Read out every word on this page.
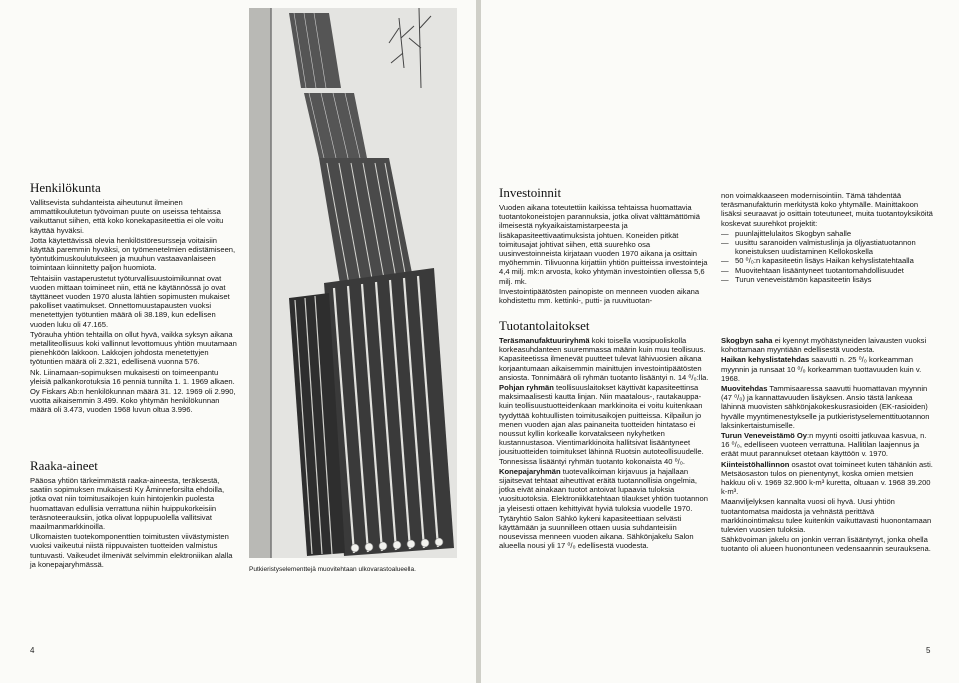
Henkilökunta

Vallitsevista suhdanteista aiheutunut ilmeinen ammattikoulutetun työvoiman puute on useissa tehtaissa vaikuttanut siihen, että koko konekapasiteettia ei ole voitu käyttää hyväksi.

Jotta käytettävissä olevia henkilöstöresursseja voitaisiin käyttää paremmin hyväksi, on työmenetelmien edistämiseen, työntutkimuskoulutukseen ja muuhun vastaavanlaiseen toimintaan kiinnitetty paljon huomiota.

Tehtaisiin vastaperustetut työturvallisuustoimikunnat ovat vuoden mittaan toimineet niin, että ne käytännössä jo ovat täyttäneet vuoden 1970 alusta lähtien sopimusten mukaiset pakolliset vaatimukset. Onnettomuustapausten vuoksi menetettyjen työtuntien määrä oli 38.189, kun edellisen vuoden luku oli 47.165.

Työrauha yhtiön tehtailla on ollut hyvä, vaikka syksyn aikana metalliteollisuus koki vallinnut levottomuus yhtiön muutamaan pienehköön lakkoon. Lakkojen johdosta menetettyjen työtuntien määrä oli 2.321, edellisenä vuonna 576.

Nk. Liinamaan-sopimuksen mukaisesti on toimeenpantu yleisiä palkankorotuksia 16 penniä tunnilta 1. 1. 1969 alkaen.

Oy Fiskars Ab:n henkilökunnan määrä 31. 12. 1969 oli 2.990, vuotta aikaisemmin 3.499. Koko yhtymän henkilökunnan määrä oli 3.473, vuoden 1968 luvun oltua 3.996.

Raaka-aineet

Pääosa yhtiön tärkeimmästä raaka-aineesta, teräksestä, saatiin sopimuksen mukaisesti Ky Åminneforsilta ehdoilla, jotka ovat niin toimitusaikojen kuin hintojenkin puolesta huomattavan edullisia verrattuna niihin huippukorkeisiin teräsnoteerauksiin, jotka olivat loppupuolella vallitsivat maailmanmarkkinoilla.

Ulkomaisten tuotekomponenttien toimitusten viivästymisten vuoksi vaikeutui niistä riippuvaisten tuotteiden valmistus tuntuvasti. Vaikeudet ilmenivät selvimmin elektroniikan alalla ja konepajaryhmässä.

Putkieristyselementtejä muovitehtaan ulkovarastoalueella.
4
Investoinnit

Vuoden aikana toteutettiin kaikissa tehtaissa huomattavia tuotantokoneistojen parannuksia, jotka olivat välttämättömiä ilmeisestä nykyaikaistamistarpeesta ja lisäkapasiteettivaatimuksista johtuen. Koneiden pitkät toimitusajat johtivat siihen, että suurehko osa uusinvestoinneista kirjataan vuoden 1970 aikana ja osittain myöhemmin. Tilivuonna kirjattiin yhtiön puitteissa investointeja 4,4 milj. mk:n arvosta, koko yhtymän investointien ollessa 5,6 milj. mk.

Investointipäätösten painopiste on menneen vuoden aikana kohdistettu mm. kettinki-, putti- ja ruuvituotan-

non voimakkaaseen modernisointiin. Tämä tähdentää teräsmanufakturin merkitystä koko yhtymälle. Mainittakoon lisäksi seuraavat jo osittain toteutuneet, muita tuotantoyksiköitä koskevat suurehkot projektit:

— puunlajittelulaitos Skogbyn sahalle
— uusittu saranoiden valmistuslinja ja öljyastiatuotannon koneistuksen uudistaminen Kellokoskella
— 50 ⁰/₀:n kapasiteetin lisäys Haikan kehyslistatehtaalla
— Muovitehtaan lisääntyneet tuotantomahdollisuudet
— Turun veneveistämön kapasiteetin lisäys
Tuotantolaitokset

Teräsmanufaktuuriryhmä koki toisella vuosipuoliskolla korkeasuhdanteen suuremmassa määrin kuin muu teollisuus. Kapasiteetissa ilmenevät puutteet tulevat lähivuosien aikana korjaantumaan aikaisemmin mainittujen investointipäätösten ansiosta. Tonnimäärä oli ryhmän tuotanto lisääntyi n. 14 ⁰/₀:lla.

Pohjan ryhmän teollisuuslaitokset käyttivät kapasiteettinsa maksimaalisesti kautta linjan. Niin maatalous-, rautakauppa- kuin teollisuustuotteidenkaan markkinoita ei voitu kuitenkaan tyydyttää kohtuullisten toimitusaikojen puitteissa. Kilpailun jo menen vuoden ajan alas painaneita tuotteiden hintataso ei noussut kyllin korkealle korvatakseen nykyhetken kustannustasoa. Vientimarkkinoita hallitsivat lisääntyneet jousituotteiden toimitukset lähinnä Ruotsin autoteollisuudelle. Tonnesissa lisääntyi ryhmän tuotanto kokonaista 40 ⁰/₀.

Konepajaryhmän tuotevalikoiman kirjavuus ja hajallaan sijaitsevat tehtaat aiheuttivat eräitä tuotannollisia ongelmia, jotka eivät ainakaan tuotot antoivat lupaavia tuloksia vuosituotoksia. Elektroniikkatehtaan tilaukset yhtiön tuotannon ja yleisesti ottaen kehittyivät hyviä tuloksia vuodelle 1970.

Tytäryhtiö Salon Sähkö kykeni kapasiteettiaan selvästi käyttämään ja suunnilleen ottaen uusia suhdanteisiin nousevissa menneen vuoden aikana. Sähkönjakelu Salon alueella nousi yli 17 ⁰/₀ edellisestä vuodesta.

Skogbyn saha ei kyennyt myöhästyneiden laivausten vuoksi kohottamaan myyntiään edellisestä vuodesta.

Haikan kehyslistatehdas saavutti n. 25 ⁰/₀ korkeamman myynnin ja runsaat 10 ⁰/₀ korkeamman tuottavuuden kuin v. 1968.

Muovitehdas Tammisaaressa saavutti huomattavan myynnin (47 ⁰/₀) ja kannattavuuden lisäyksen. Ansio tästä lankeaa lähinnä muovisten sähkönjakokeskusrasioiden (EK-rasioiden) hyvälle myyntimenestykselle ja putkieristyselementtituotannon laksinkertaistumiselle.

Turun Veneveistämö Oy:n myynti osoitti jatkuvaa kasvua, n. 16 ⁰/₀, edelliseen vuoteen verrattuna. Hallitilan laajennus ja eräät muut parannukset otetaan käyttöön v. 1970.

Kiinteistöhallinnon osastot ovat toimineet kuten tähänkin asti. Metsäosaston tulos on pienentynyt, koska omien metsien hakkuu oli v. 1969 32.900 k-m³ kuretta, oltuaan v. 1968 39.200 k-m³.

Maanviljelyksen kannalta vuosi oli hyvä. Uusi yhtiön tuotantomatsa maidosta ja vehnästä perittävä markkinointimaksu tulee kuitenkin vaikuttavasti huonontamaan tulevien vuosien tuloksia.

Sähkövoiman jakelu on jonkin verran lisääntynyt, jonka ohella tuotanto oli alueen huonontuneen vedensaannin seurauksena.

5
